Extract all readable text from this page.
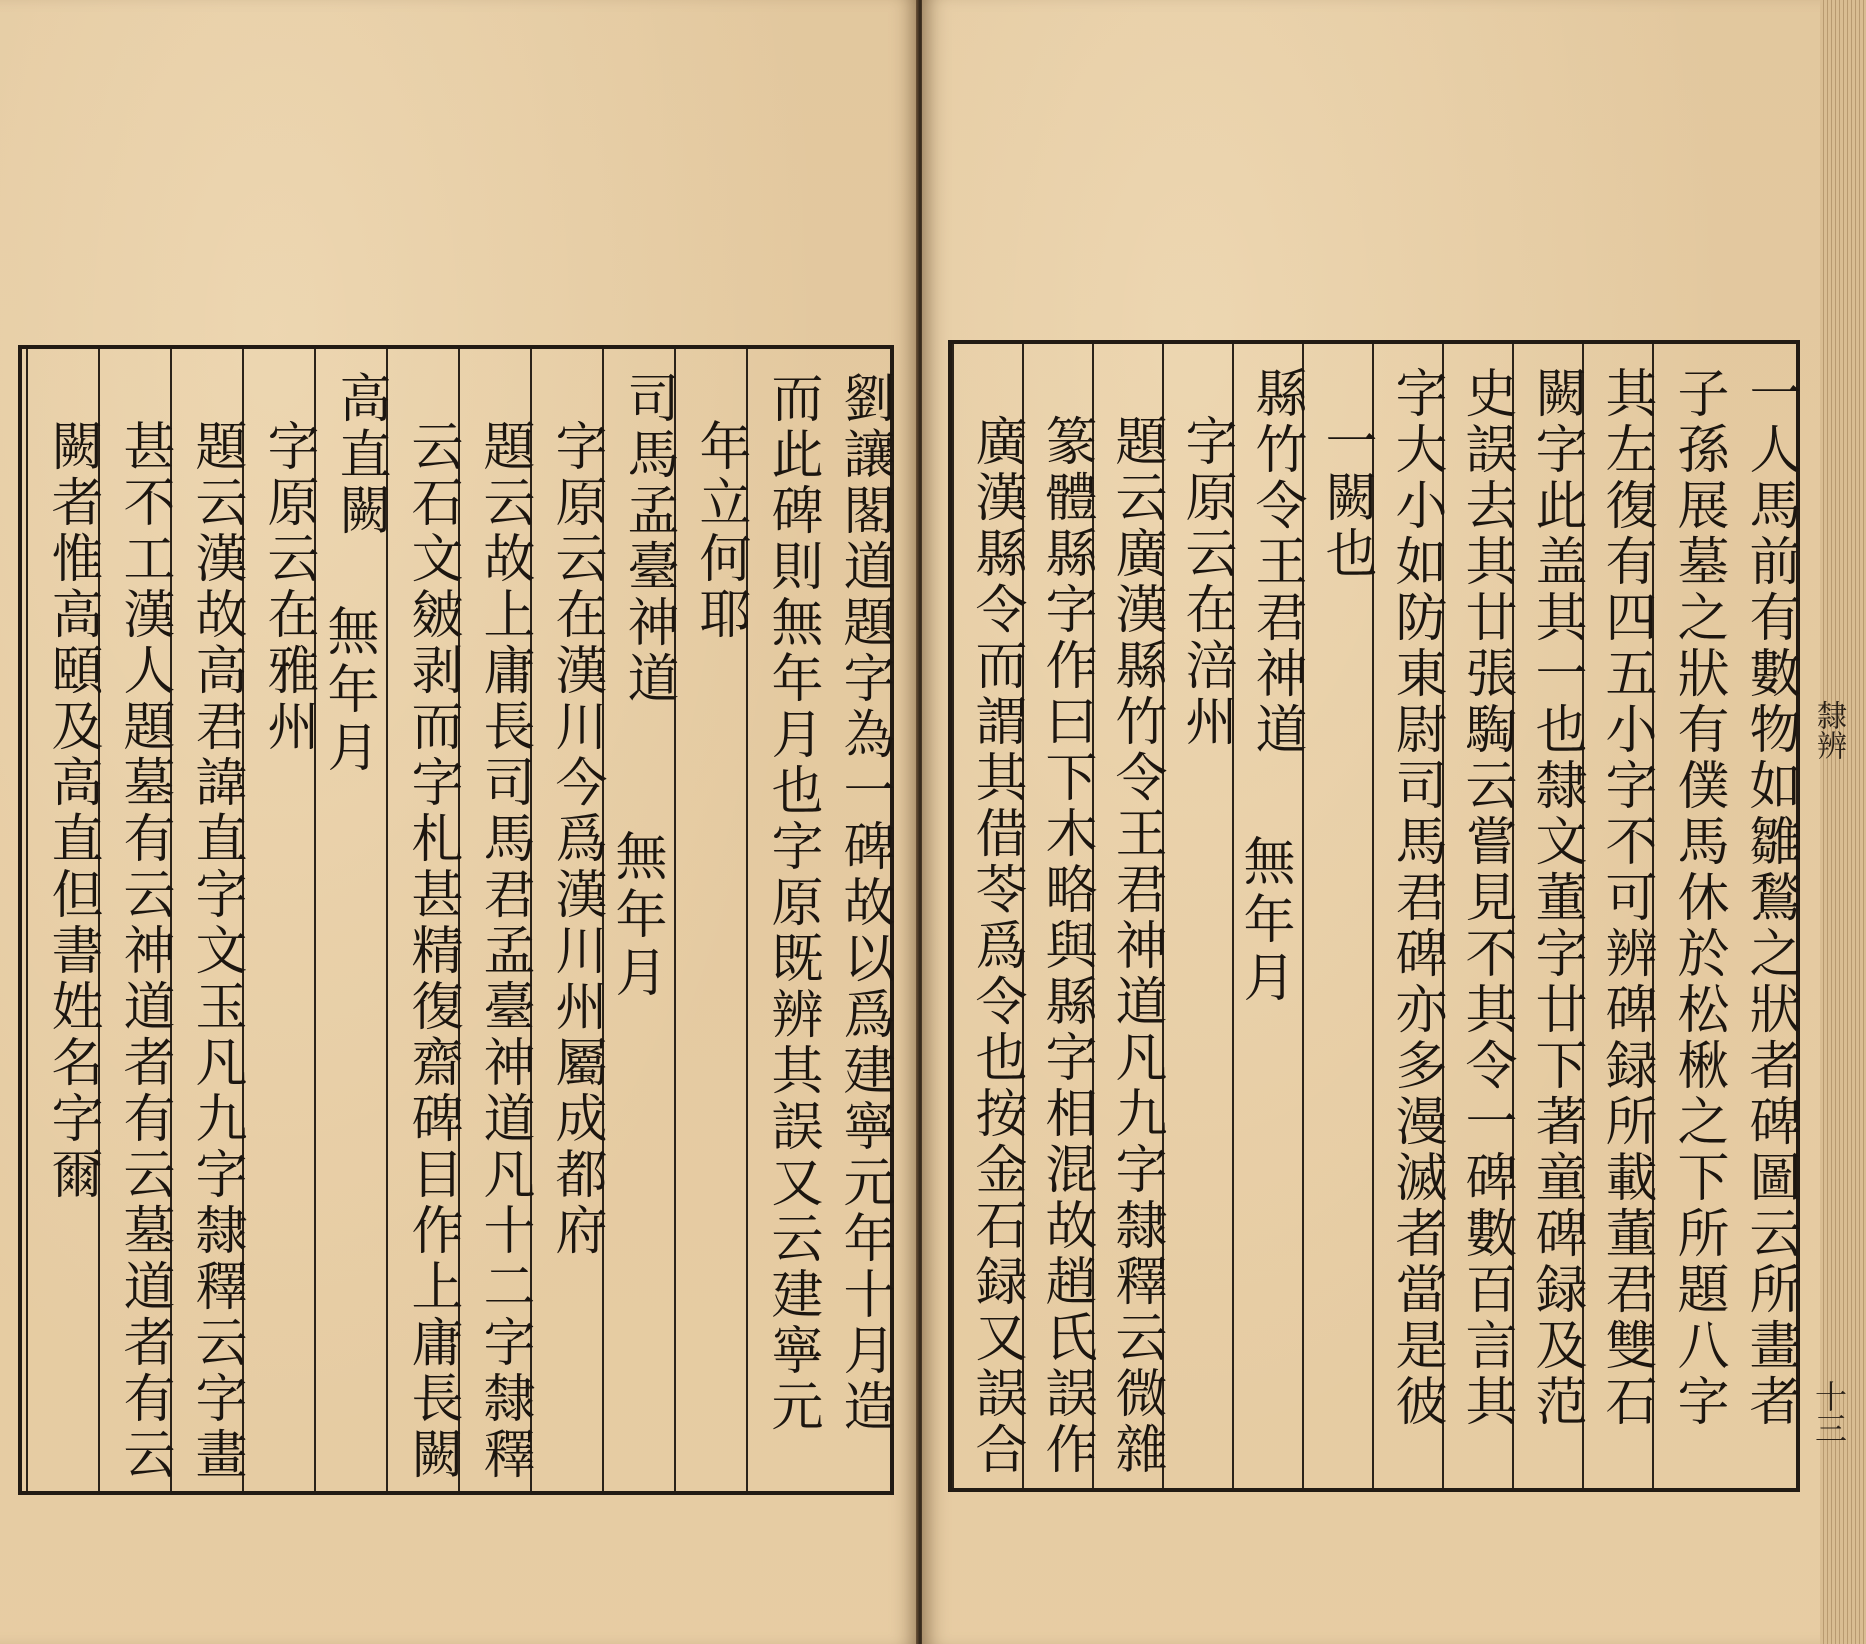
劉讓閣道題字為一碑故以爲建寧元年十月造
而此碑則無年月也字原既辨其誤又云建寧元
年立何耶
司馬孟臺神道
無年月
字原云在漢川今爲漢川州屬成都府
題云故上庸長司馬君孟臺神道凡十二字隸釋
云石文皴剥而字札甚精復齋碑目作上庸長闕
高直闕
無年月
字原云在雅州
題云漢故高君諱直字文玉凡九字隸釋云字畫
甚不工漢人題墓有云神道者有云墓道者有云
闕者惟高頤及高直但書姓名字爾	一人馬前有數物如雛鶖之狀者碑圖云所畫者
子孫展墓之狀有僕馬休於松楸之下所題八字
其左復有四五小字不可辨碑録所載董君雙石
闕字此盖其一也隸文董字廿下著童碑録及范
史誤去其廿張騊云嘗見不其令一碑數百言其
字大小如防東尉司馬君碑亦多漫滅者當是彼
一闕也
縣竹令王君神道
無年月
字原云在涪州
題云廣漢縣竹令王君神道凡九字隸釋云微雜
篆體縣字作曰下木略與縣字相混故趙氏誤作
廣漢縣令而謂其借苓爲令也按金石録又誤合	隸辨
十三
